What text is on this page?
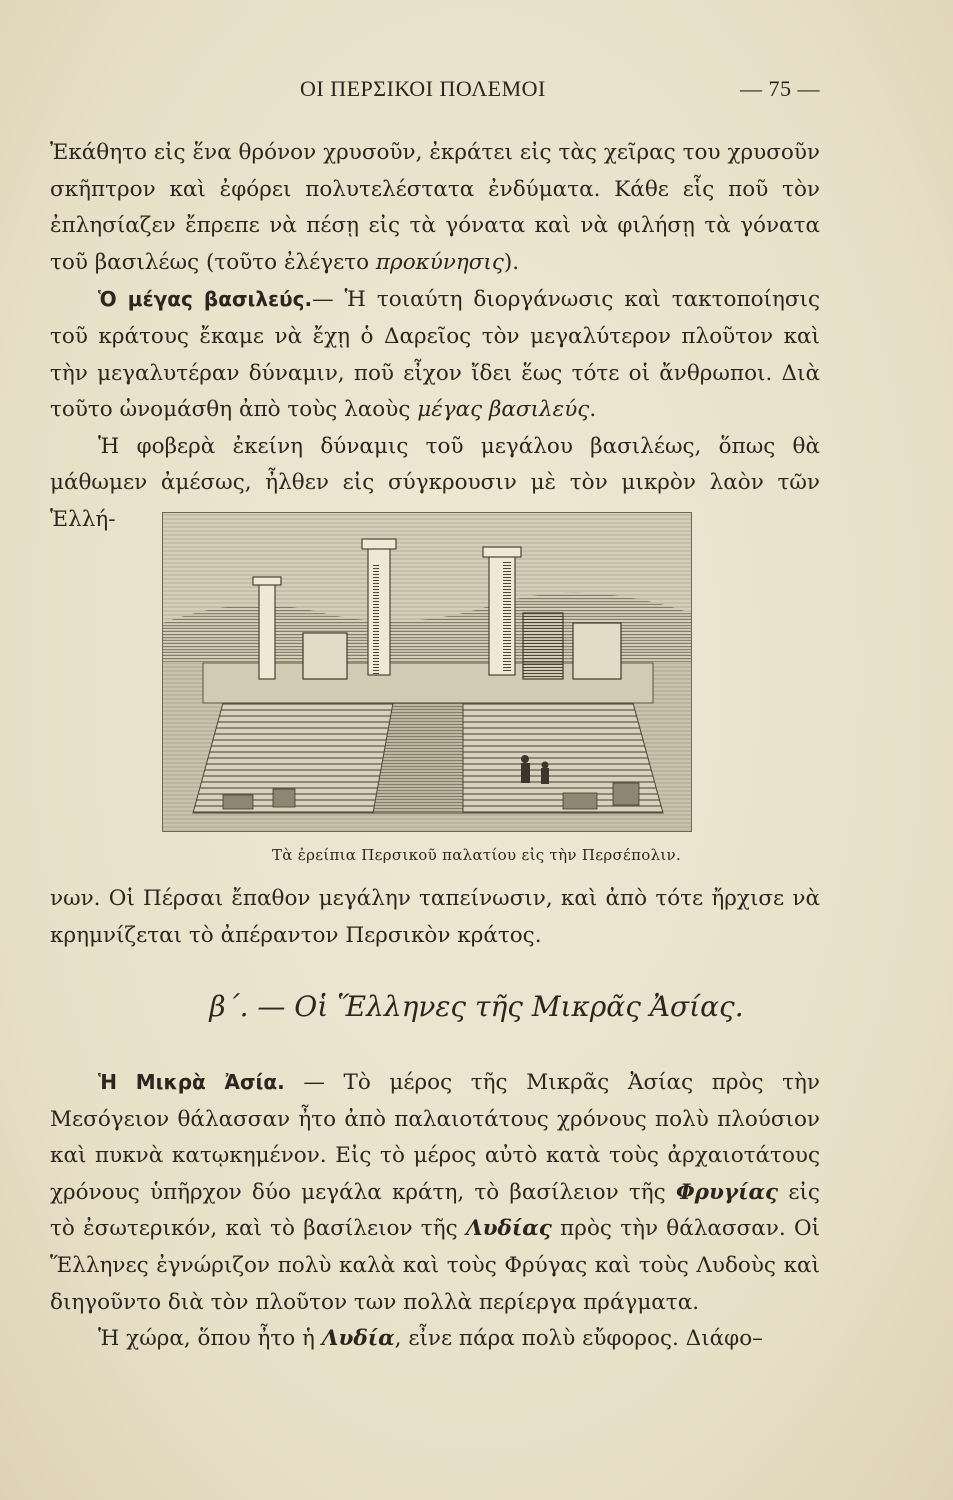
ΟΙ ΠΕΡΣΙΚΟΙ ΠΟΛΕΜΟΙ	— 75 —

Ἐκάθητο εἰς ἕνα θρόνον χρυσοῦν, ἐκράτει εἰς τὰς χεῖρας του χρυσοῦν σκῆπτρον καὶ ἐφόρει πολυτελέστατα ἐνδύματα. Κάθε εἷς ποῦ τὸν ἐπλησίαζεν ἔπρεπε νὰ πέσῃ εἰς τὰ γόνατα καὶ νὰ φιλήσῃ τὰ γόνατα τοῦ βασιλέως (τοῦτο ἐλέγετο προκύνησις).

Ὁ μέγας βασιλεύς.— Ἡ τοιαύτη διοργάνωσις καὶ τακτοποίησις τοῦ κράτους ἔκαμε νὰ ἔχῃ ὁ Δαρεῖος τὸν μεγαλύτερον πλοῦτον καὶ τὴν μεγαλυτέραν δύναμιν, ποῦ εἶχον ἴδει ἕως τότε οἱ ἄνθρωποι. Διὰ τοῦτο ὠνομάσθη ἀπὸ τοὺς λαοὺς μέγας βασιλεύς.

Ἡ φοβερὰ ἐκείνη δύναμις τοῦ μεγάλου βασιλέως, ὅπως θὰ μάθωμεν ἀμέσως, ἦλθεν εἰς σύγκρουσιν μὲ τὸν μικρὸν λαὸν τῶν Ἑλλή-

Τὰ ἐρείπια Περσικοῦ παλατίου εἰς τὴν Περσέπολιν.

νων. Οἱ Πέρσαι ἔπαθον μεγάλην ταπείνωσιν, καὶ ἀπὸ τότε ἤρχισε νὰ κρημνίζεται τὸ ἀπέραντον Περσικὸν κράτος.

β΄. — Οἱ Ἕλληνες τῆς Μικρᾶς Ἀσίας.

Ἡ Μικρὰ Ἀσία. — Τὸ μέρος τῆς Μικρᾶς Ἀσίας πρὸς τὴν Μεσόγειον θάλασσαν ἦτο ἀπὸ παλαιοτάτους χρόνους πολὺ πλούσιον καὶ πυκνὰ κατῳκημένον. Εἰς τὸ μέρος αὐτὸ κατὰ τοὺς ἀρχαιοτάτους χρόνους ὑπῆρχον δύο μεγάλα κράτη, τὸ βασίλειον τῆς Φρυγίας εἰς τὸ ἐσωτερικόν, καὶ τὸ βασίλειον τῆς Λυδίας πρὸς τὴν θάλασσαν. Οἱ Ἕλληνες ἐγνώριζον πολὺ καλὰ καὶ τοὺς Φρύγας καὶ τοὺς Λυδοὺς καὶ διηγοῦντο διὰ τὸν πλοῦτον των πολλὰ περίεργα πράγματα.

Ἡ χώρα, ὅπου ἦτο ἡ Λυδία, εἶνε πάρα πολὺ εὔφορος. Διάφο–
